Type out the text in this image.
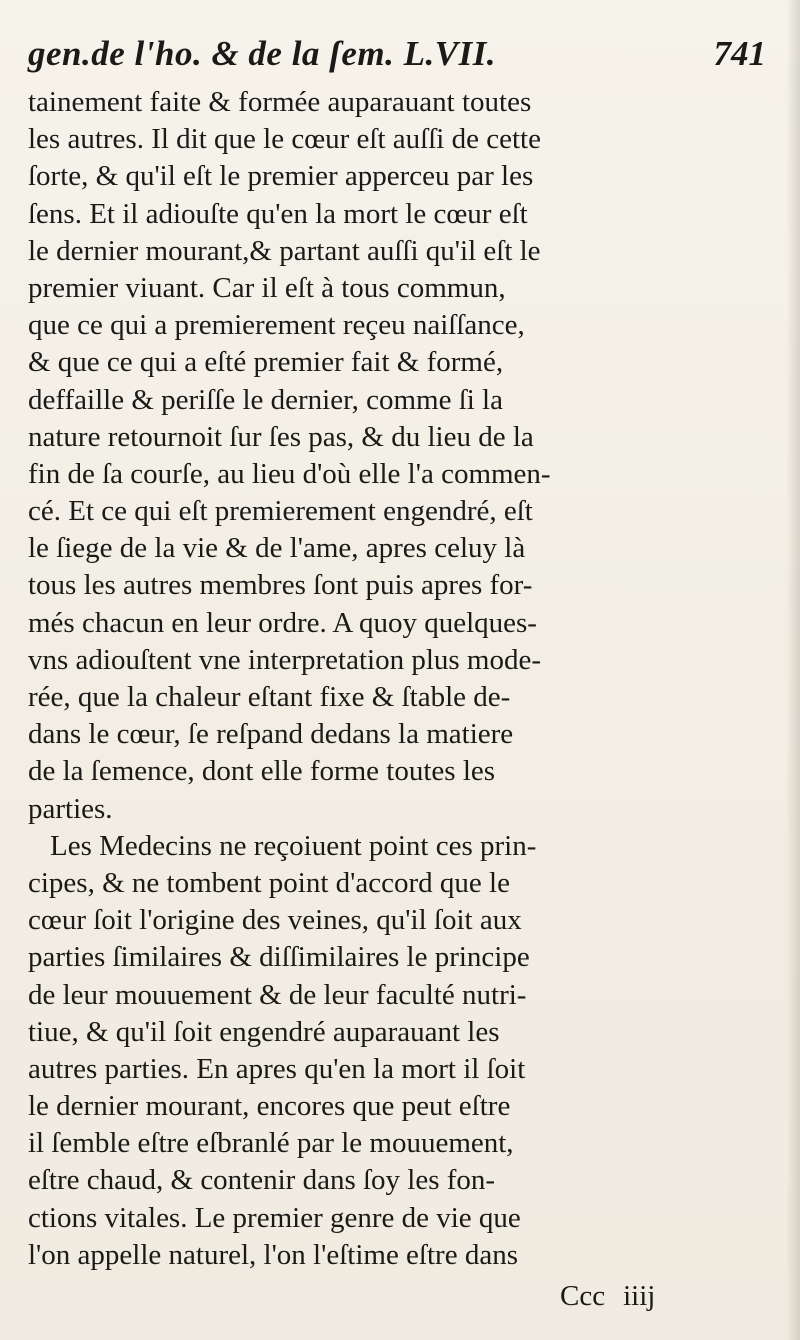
gen.de l'ho. & de la ſem. L.VII.	741
tainement faite & formée auparauant toutes
les autres. Il dit que le cœur eſt auſſi de cette
ſorte, & qu'il eſt le premier apperceu par les
ſens. Et il adiouſte qu'en la mort le cœur eſt
le dernier mourant,& partant auſſi qu'il eſt le
premier viuant. Car il eſt à tous commun,
que ce qui a premierement reçeu naiſſance,
& que ce qui a eſté premier fait & formé,
deffaille & periſſe le dernier, comme ſi la
nature retournoit ſur ſes pas, & du lieu de la
fin de ſa courſe, au lieu d'où elle l'a commen-
cé. Et ce qui eſt premierement engendré, eſt
le ſiege de la vie & de l'ame, apres celuy là
tous les autres membres ſont puis apres for-
més chacun en leur ordre. A quoy quelques-
vns adiouſtent vne interpretation plus mode-
rée, que la chaleur eſtant fixe & ſtable de-
dans le cœur, ſe reſpand dedans la matiere
de la ſemence, dont elle forme toutes les
parties.
Les Medecins ne reçoiuent point ces prin-
cipes, & ne tombent point d'accord que le
cœur ſoit l'origine des veines, qu'il ſoit aux
parties ſimilaires & diſſimilaires le principe
de leur mouuement & de leur faculté nutri-
tiue, & qu'il ſoit engendré auparauant les
autres parties. En apres qu'en la mort il ſoit
le dernier mourant, encores que peut eſtre
il ſemble eſtre eſbranlé par le mouuement,
eſtre chaud, & contenir dans ſoy les fon-
ctions vitales. Le premier genre de vie que
l'on appelle naturel, l'on l'eſtime eſtre dans
Ccc iiij
